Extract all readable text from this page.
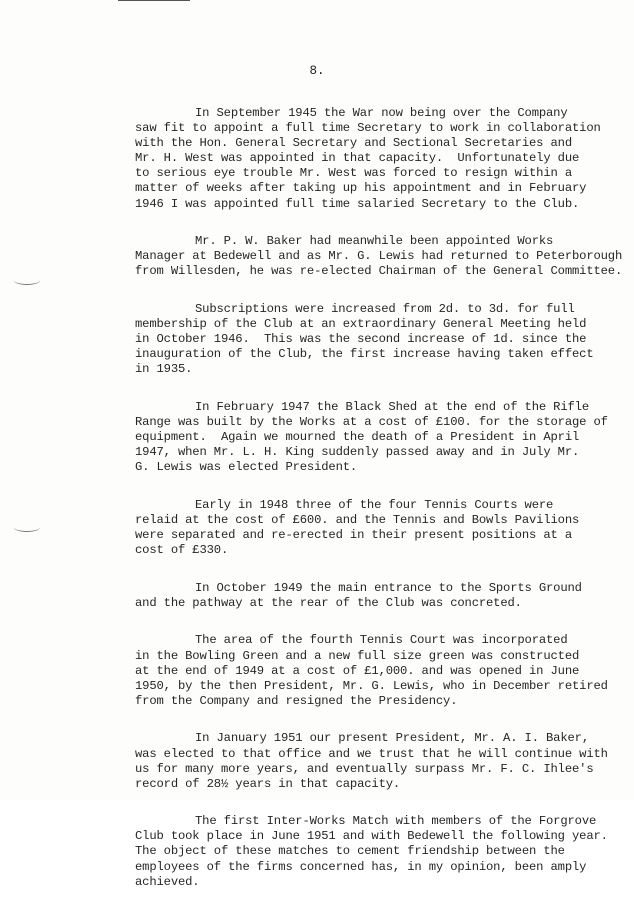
8.

In September 1945 the War now being over the Company
saw fit to appoint a full time Secretary to work in collaboration
with the Hon. General Secretary and Sectional Secretaries and
Mr. H. West was appointed in that capacity.  Unfortunately due
to serious eye trouble Mr. West was forced to resign within a
matter of weeks after taking up his appointment and in February
1946 I was appointed full time salaried Secretary to the Club.

Mr. P. W. Baker had meanwhile been appointed Works
Manager at Bedewell and as Mr. G. Lewis had returned to Peterborough
from Willesden, he was re-elected Chairman of the General Committee.

Subscriptions were increased from 2d. to 3d. for full
membership of the Club at an extraordinary General Meeting held
in October 1946.  This was the second increase of 1d. since the
inauguration of the Club, the first increase having taken effect
in 1935.

In February 1947 the Black Shed at the end of the Rifle
Range was built by the Works at a cost of £100. for the storage of
equipment.  Again we mourned the death of a President in April
1947, when Mr. L. H. King suddenly passed away and in July Mr.
G. Lewis was elected President.

Early in 1948 three of the four Tennis Courts were
relaid at the cost of £600. and the Tennis and Bowls Pavilions
were separated and re-erected in their present positions at a
cost of £330.

In October 1949 the main entrance to the Sports Ground
and the pathway at the rear of the Club was concreted.

The area of the fourth Tennis Court was incorporated
in the Bowling Green and a new full size green was constructed
at the end of 1949 at a cost of £1,000. and was opened in June
1950, by the then President, Mr. G. Lewis, who in December retired
from the Company and resigned the Presidency.

In January 1951 our present President, Mr. A. I. Baker,
was elected to that office and we trust that he will continue with
us for many more years, and eventually surpass Mr. F. C. Ihlee's
record of 28½ years in that capacity.

The first Inter-Works Match with members of the Forgrove
Club took place in June 1951 and with Bedewell the following year.
The object of these matches to cement friendship between the
employees of the firms concerned has, in my opinion, been amply
achieved.
